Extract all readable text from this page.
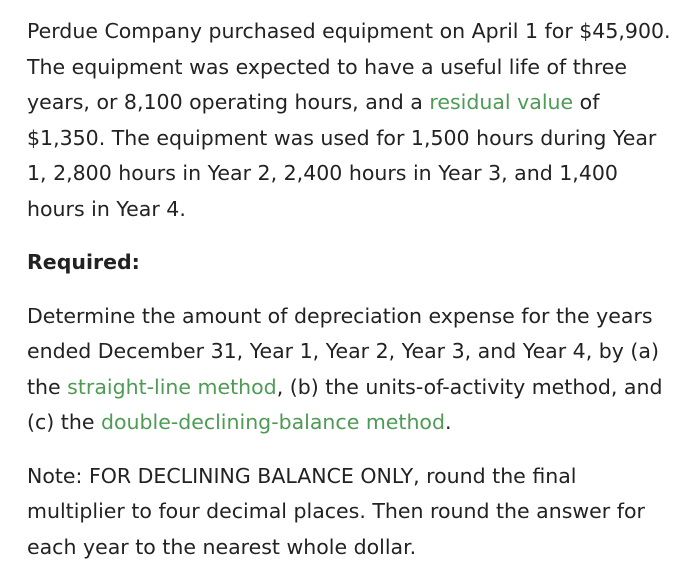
Perdue Company purchased equipment on April 1 for $45,900. The equipment was expected to have a useful life of three years, or 8,100 operating hours, and a residual value of $1,350. The equipment was used for 1,500 hours during Year 1, 2,800 hours in Year 2, 2,400 hours in Year 3, and 1,400 hours in Year 4.

Required:

Determine the amount of depreciation expense for the years ended December 31, Year 1, Year 2, Year 3, and Year 4, by (a) the straight-line method, (b) the units-of-activity method, and (c) the double-declining-balance method.

Note: FOR DECLINING BALANCE ONLY, round the final multiplier to four decimal places. Then round the answer for each year to the nearest whole dollar.
